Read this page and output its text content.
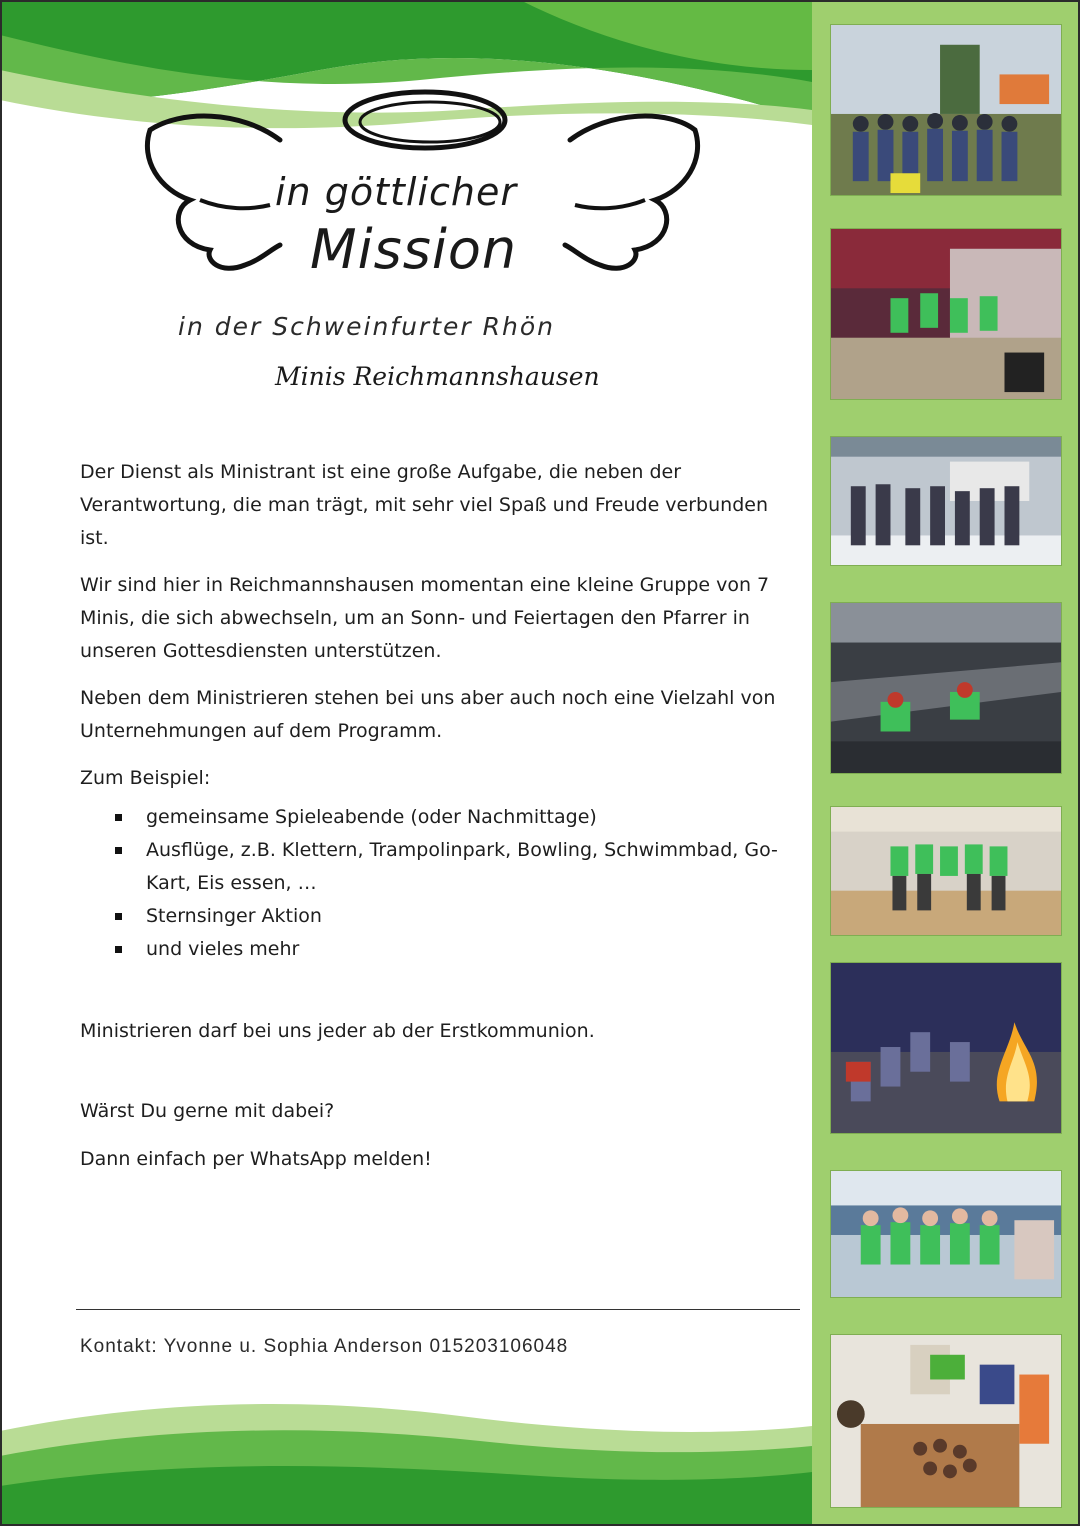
in göttlicher
Mission
in der Schweinfurter Rhön
Minis Reichmannshausen

Der Dienst als Ministrant ist eine große Aufgabe, die neben der Verantwortung, die man trägt, mit sehr viel Spaß und Freude verbunden ist.

Wir sind hier in Reichmannshausen momentan eine kleine Gruppe von 7 Minis, die sich abwechseln, um an Sonn- und Feiertagen den Pfarrer in unseren Gottesdiensten unterstützen.

Neben dem Ministrieren stehen bei uns aber auch noch eine Vielzahl von Unternehmungen auf dem Programm.

Zum Beispiel:

gemeinsame Spieleabende (oder Nachmittage)
Ausflüge, z.B. Klettern, Trampolinpark, Bowling, Schwimmbad, Go-Kart, Eis essen, …
Sternsinger Aktion
und vieles mehr
Ministrieren darf bei uns jeder ab der Erstkommunion.
Wärst Du gerne mit dabei?
Dann einfach per WhatsApp melden!
Kontakt: Yvonne u. Sophia Anderson 015203106048
